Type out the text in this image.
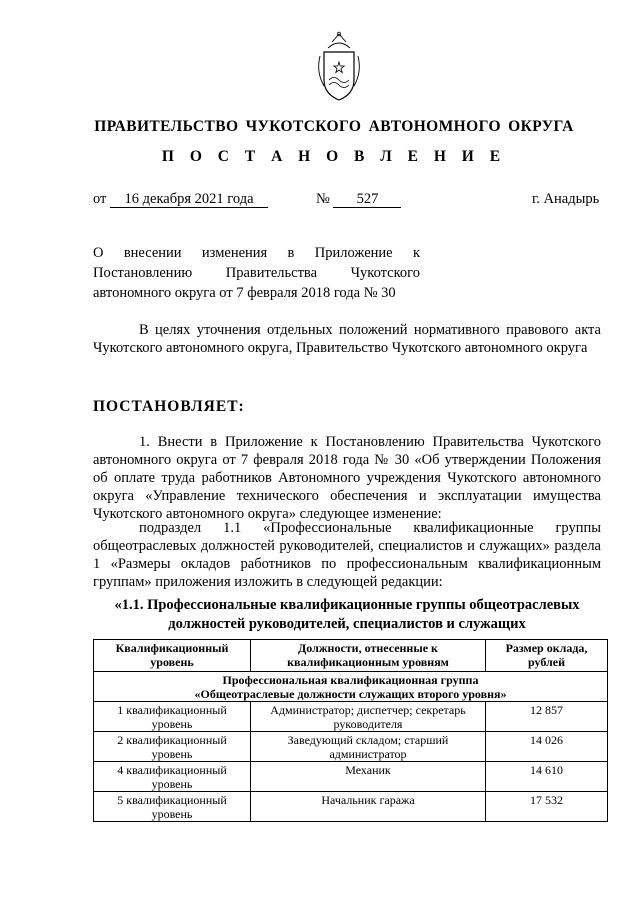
ПРАВИТЕЛЬСТВО ЧУКОТСКОГО АВТОНОМНОГО ОКРУГА
П О С Т А Н О В Л Е Н И Е
от 16 декабря 2021 года	№ 527	г. Анадырь
О внесении изменения в Приложение к
Постановлению Правительства Чукотского
автономного округа от 7 февраля 2018 года № 30

В целях уточнения отдельных положений нормативного правового акта Чукотского автономного округа, Правительство Чукотского автономного округа

ПОСТАНОВЛЯЕТ:

1. Внести в Приложение к Постановлению Правительства Чукотского автономного округа от 7 февраля 2018 года № 30 «Об утверждении Положения об оплате труда работников Автономного учреждения Чукотского автономного округа «Управление технического обеспечения и эксплуатации имущества Чукотского автономного округа» следующее изменение:

подраздел 1.1 «Профессиональные квалификационные группы общеотраслевых должностей руководителей, специалистов и служащих» раздела 1 «Размеры окладов работников по профессиональным квалификационным группам» приложения изложить в следующей редакции:

«1.1. Профессиональные квалификационные группы общеотраслевых
должностей руководителей, специалистов и служащих
Квалификационный уровень	Должности, отнесенные к квалификационным уровням	Размер оклада, рублей

Профессиональная квалификационная группа
«Общеотраслевые должности служащих второго уровня»		

1 квалификационный уровень	Администратор; диспетчер; секретарь руководителя	12 857
2 квалификационный уровень	Заведующий складом; старший администратор	14 026
4 квалификационный уровень	Механик	14 610
5 квалификационный уровень	Начальник гаража	17 532
